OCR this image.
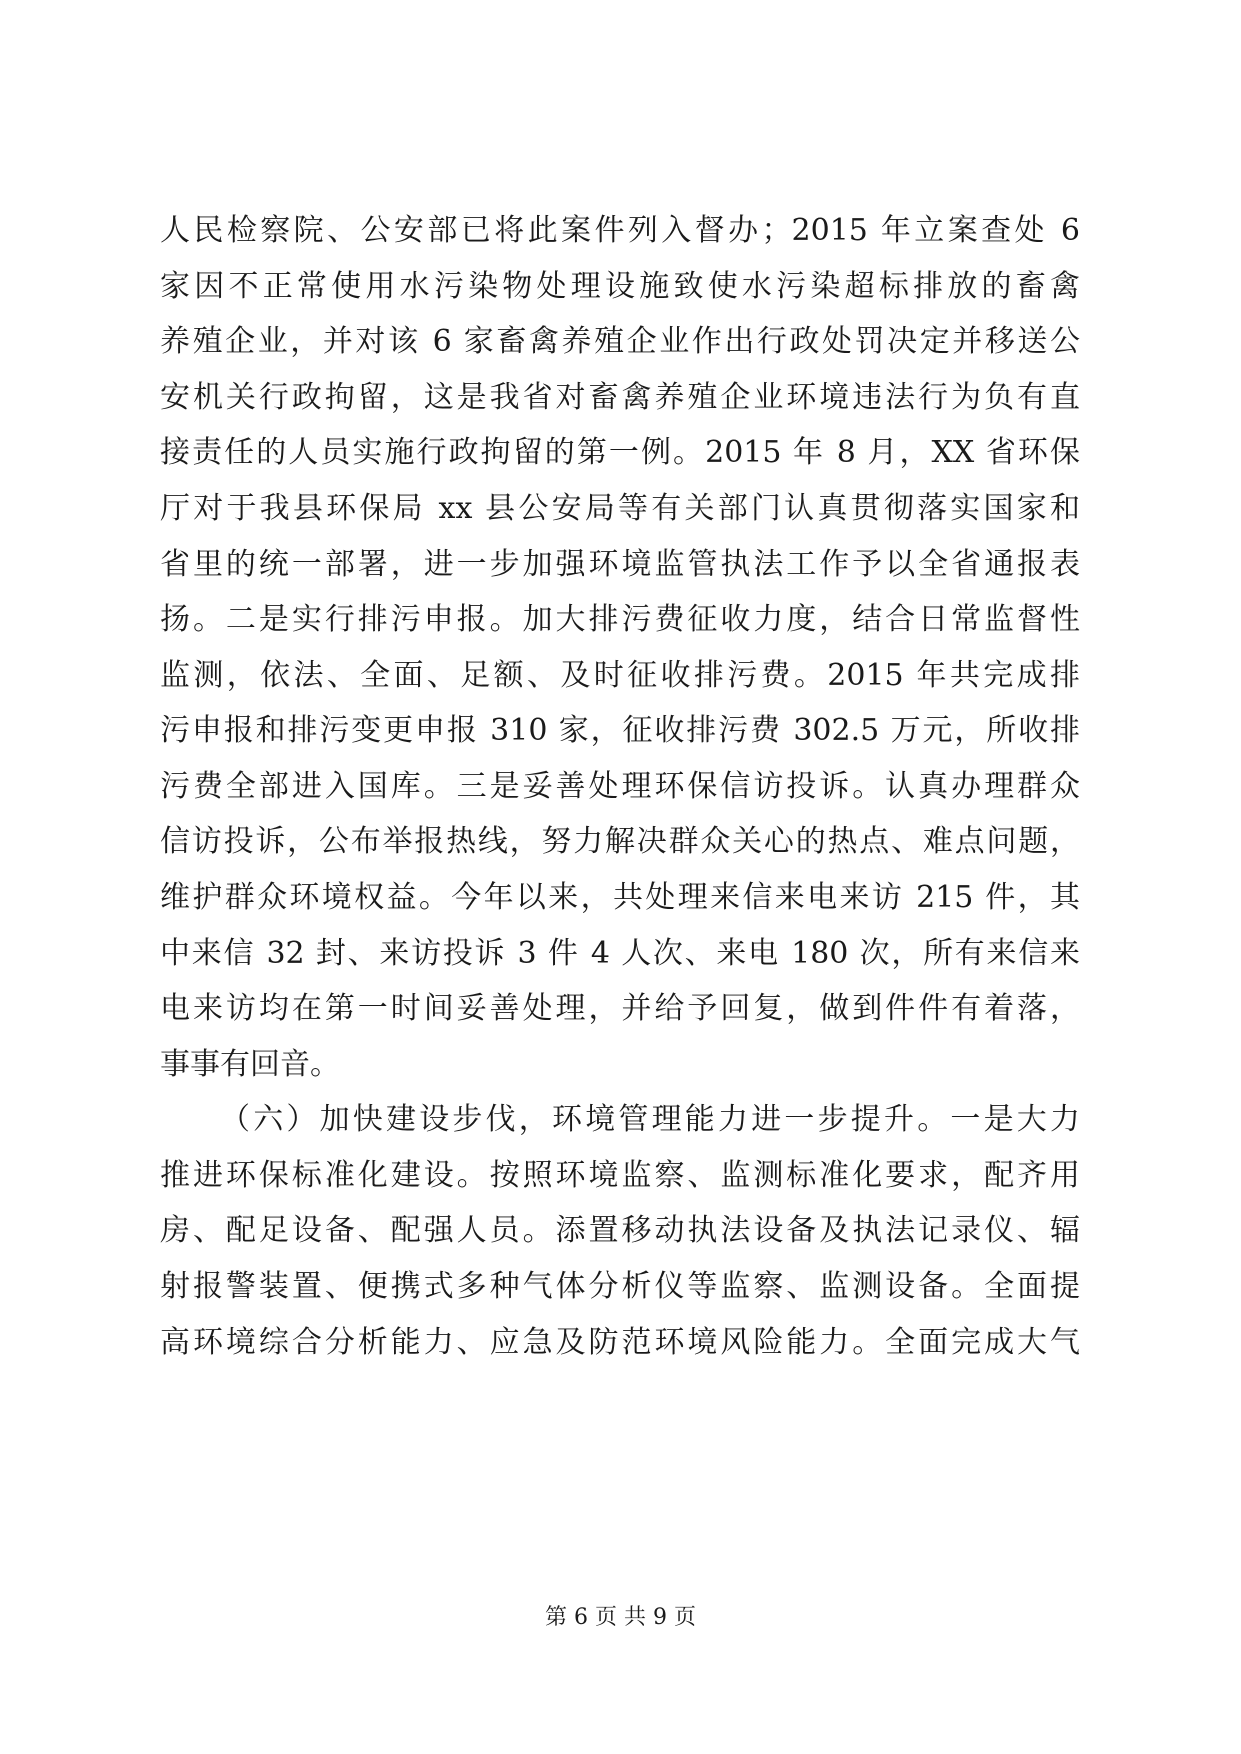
人民检察院、公安部已将此案件列入督办；2015 年立案查处 6
家因不正常使用水污染物处理设施致使水污染超标排放的畜禽
养殖企业，并对该 6 家畜禽养殖企业作出行政处罚决定并移送公
安机关行政拘留，这是我省对畜禽养殖企业环境违法行为负有直
接责任的人员实施行政拘留的第一例。2015 年 8 月，XX 省环保
厅对于我县环保局 xx 县公安局等有关部门认真贯彻落实国家和
省里的统一部署，进一步加强环境监管执法工作予以全省通报表
扬。二是实行排污申报。加大排污费征收力度，结合日常监督性
监测，依法、全面、足额、及时征收排污费。2015 年共完成排
污申报和排污变更申报 310 家，征收排污费 302.5 万元，所收排
污费全部进入国库。三是妥善处理环保信访投诉。认真办理群众
信访投诉，公布举报热线，努力解决群众关心的热点、难点问题，
维护群众环境权益。今年以来，共处理来信来电来访 215 件，其
中来信 32 封、来访投诉 3 件 4 人次、来电 180 次，所有来信来
电来访均在第一时间妥善处理，并给予回复，做到件件有着落，
事事有回音。
（六）加快建设步伐，环境管理能力进一步提升。一是大力
推进环保标准化建设。按照环境监察、监测标准化要求，配齐用
房、配足设备、配强人员。添置移动执法设备及执法记录仪、辐
射报警装置、便携式多种气体分析仪等监察、监测设备。全面提
高环境综合分析能力、应急及防范环境风险能力。全面完成大气
第 6 页 共 9 页
